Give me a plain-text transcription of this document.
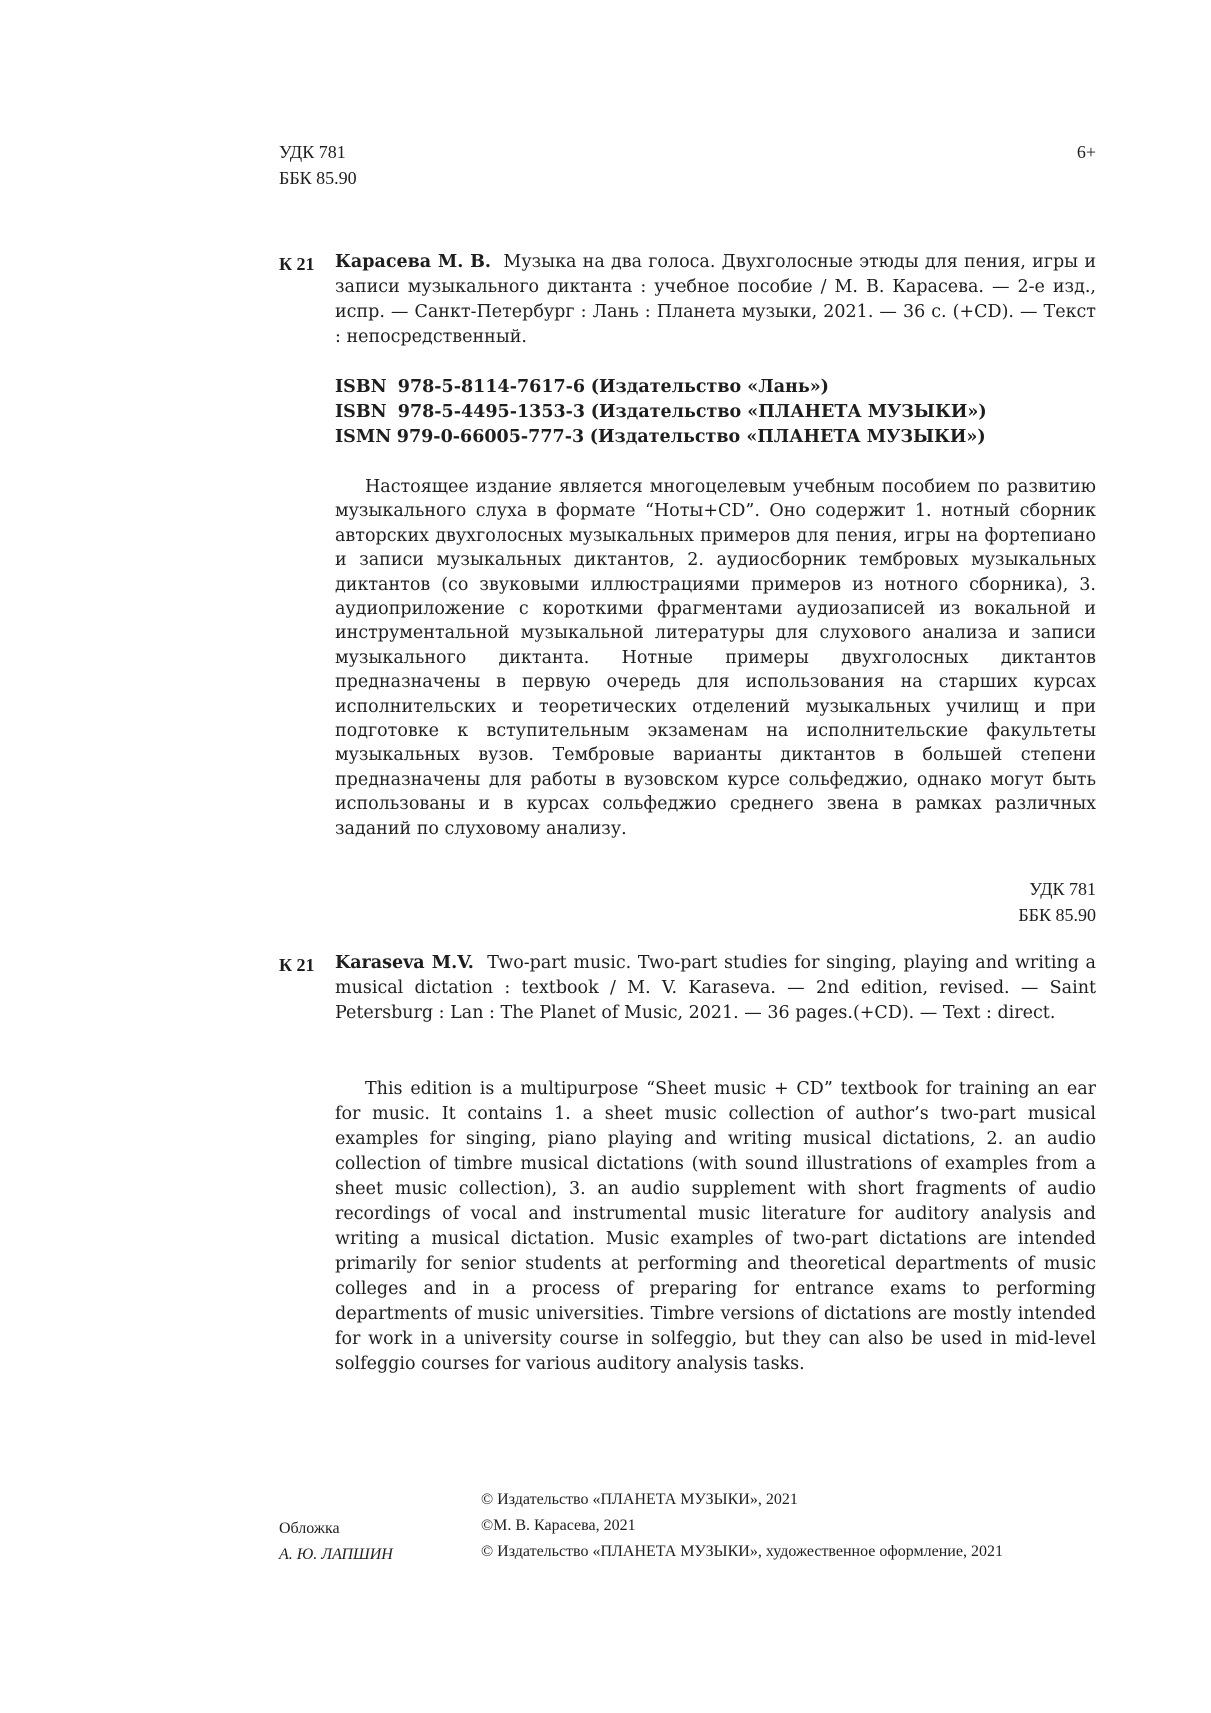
УДК 781
ББК 85.90
6+
К 21 Карасева М. В. Музыка на два голоса. Двухголосные этюды для пения, игры и записи музыкального диктанта : учебное пособие / М. В. Карасева. — 2-е изд., испр. — Санкт-Петербург : Лань : Планета музыки, 2021. — 36 с. (+CD). — Текст : непосредственный.
ISBN 978-5-8114-7617-6 (Издательство «Лань»)
ISBN 978-5-4495-1353-3 (Издательство «ПЛАНЕТА МУЗЫКИ»)
ISMN 979-0-66005-777-3 (Издательство «ПЛАНЕТА МУЗЫКИ»)
Настоящее издание является многоцелевым учебным пособием по развитию музыкального слуха в формате “Ноты+CD”. Оно содержит 1. нотный сборник авторских двухголосных музыкальных примеров для пения, игры на фортепиано и записи музыкальных диктантов, 2. аудиосборник тембровых музыкальных диктантов (со звуковыми иллюстрациями примеров из нотного сборника), 3. аудиоприложение с короткими фрагментами аудиозаписей из вокальной и инструментальной музыкальной литературы для слухового анализа и записи музыкального диктанта. Нотные примеры двухголосных диктантов предназначены в первую очередь для использования на старших курсах исполнительских и теоретических отделений музыкальных училищ и при подготовке к вступительным экзаменам на исполнительские факультеты музыкальных вузов. Тембровые варианты диктантов в большей степени предназначены для работы в вузовском курсе сольфеджио, однако могут быть использованы и в курсах сольфеджио среднего звена в рамках различных заданий по слуховому анализу.
УДК 781
ББК 85.90
К 21 Karaseva M.V. Two-part music. Two-part studies for singing, playing and writing a musical dictation : textbook / M. V. Karaseva. — 2nd edition, revised. — Saint Petersburg : Lan : The Planet of Music, 2021. — 36 pages.(+CD). — Text : direct.
This edition is a multipurpose “Sheet music + CD” textbook for training an ear for music. It contains 1. a sheet music collection of author’s two-part musical examples for singing, piano playing and writing musical dictations, 2. an audio collection of timbre musical dictations (with sound illustrations of examples from a sheet music collection), 3. an audio supplement with short fragments of audio recordings of vocal and instrumental music literature for auditory analysis and writing a musical dictation. Music examples of two-part dictations are intended primarily for senior students at performing and theoretical departments of music colleges and in a process of preparing for entrance exams to performing departments of music universities. Timbre versions of dictations are mostly intended for work in a university course in solfeggio, but they can also be used in mid-level solfeggio courses for various auditory analysis tasks.
Обложка
А. Ю. ЛАПШИН
© Издательство «ПЛАНЕТА МУЗЫКИ», 2021
©М. В. Карасева, 2021
© Издательство «ПЛАНЕТА МУЗЫКИ», художественное оформление, 2021
